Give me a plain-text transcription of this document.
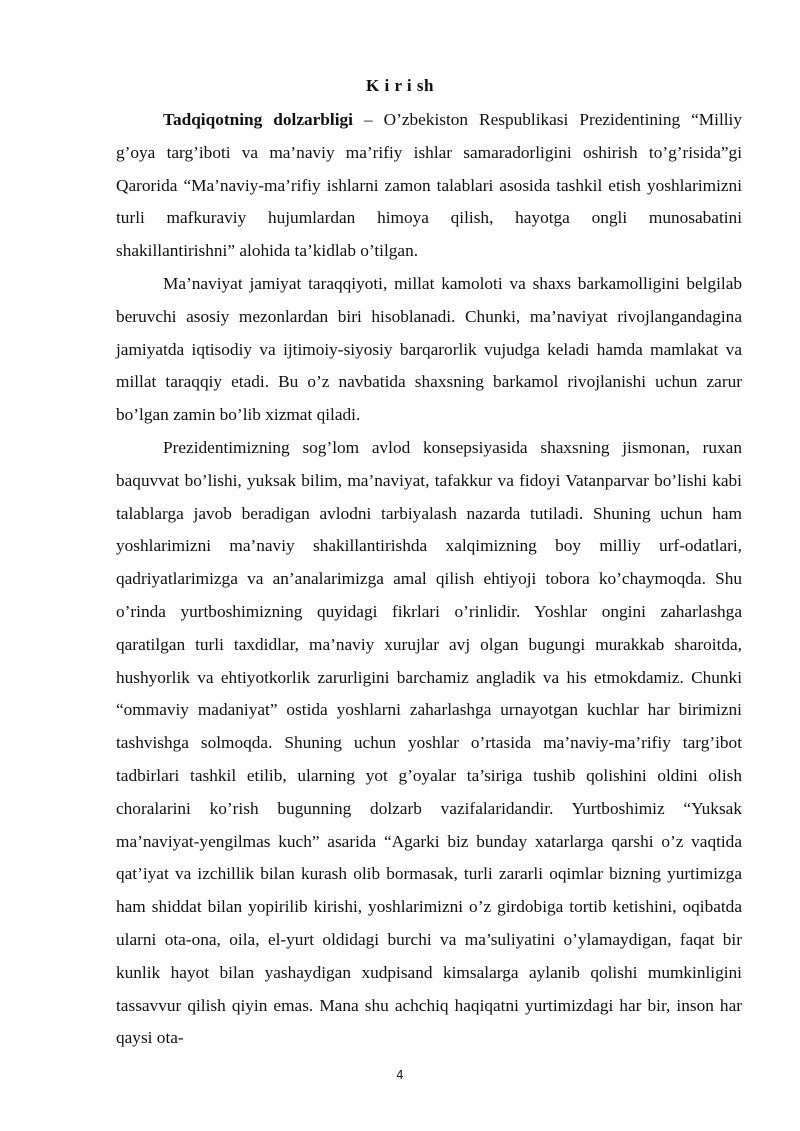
K i r i sh

Tadqiqotning dolzarbligi – O’zbekiston Respublikasi Prezidentining “Milliy g’oya targ’iboti va ma’naviy ma’rifiy ishlar samaradorligini oshirish to’g’risida”gi Qarorida “Ma’naviy-ma’rifiy ishlarni zamon talablari asosida tashkil etish yoshlarimizni turli mafkuraviy hujumlardan himoya qilish, hayotga ongli munosabatini shakillantirishni” alohida ta’kidlab o’tilgan.

Ma’naviyat jamiyat taraqqiyoti, millat kamoloti va shaxs barkamolligini belgilab beruvchi asosiy mezonlardan biri hisoblanadi. Chunki, ma’naviyat rivojlangandagina jamiyatda iqtisodiy va ijtimoiy-siyosiy barqarorlik vujudga keladi hamda mamlakat va millat taraqqiy etadi. Bu o’z navbatida shaxsning barkamol rivojlanishi uchun zarur bo’lgan zamin bo’lib xizmat qiladi.

Prezidentimizning sog’lom avlod konsepsiyasida shaxsning jismonan, ruxan baquvvat bo’lishi, yuksak bilim, ma’naviyat, tafakkur va fidoyi Vatanparvar bo’lishi kabi talablarga javob beradigan avlodni tarbiyalash nazarda tutiladi. Shuning uchun ham yoshlarimizni ma’naviy shakillantirishda xalqimizning boy milliy urf-odatlari, qadriyatlarimizga va an’analarimizga amal qilish ehtiyoji tobora ko’chaymoqda. Shu o’rinda yurtboshimizning quyidagi fikrlari o’rinlidir. Yoshlar ongini zaharlashga qaratilgan turli taxdidlar, ma’naviy xurujlar avj olgan bugungi murakkab sharoitda, hushyorlik va ehtiyotkorlik zarurligini barchamiz angladik va his etmokdamiz. Chunki “ommaviy madaniyat” ostida yoshlarni zaharlashga urnayotgan kuchlar har birimizni tashvishga solmoqda. Shuning uchun yoshlar o’rtasida ma’naviy-ma’rifiy targ’ibot tadbirlari tashkil etilib, ularning yot g’oyalar ta’siriga tushib qolishini oldini olish choralarini ko’rish bugunning dolzarb vazifalaridandir. Yurtboshimiz “Yuksak ma’naviyat-yengilmas kuch” asarida “Agarki biz bunday xatarlarga qarshi o’z vaqtida qat’iyat va izchillik bilan kurash olib bormasak, turli zararli oqimlar bizning yurtimizga ham shiddat bilan yopirilib kirishi, yoshlarimizni o’z girdobiga tortib ketishini, oqibatda ularni ota-ona, oila, el-yurt oldidagi burchi va ma’suliyatini o’ylamaydigan, faqat bir kunlik hayot bilan yashaydigan xudpisand kimsalarga aylanib qolishi mumkinligini tassavvur qilish qiyin emas. Mana shu achchiq haqiqatni yurtimizdagi har bir, inson har qaysi ota-

4
